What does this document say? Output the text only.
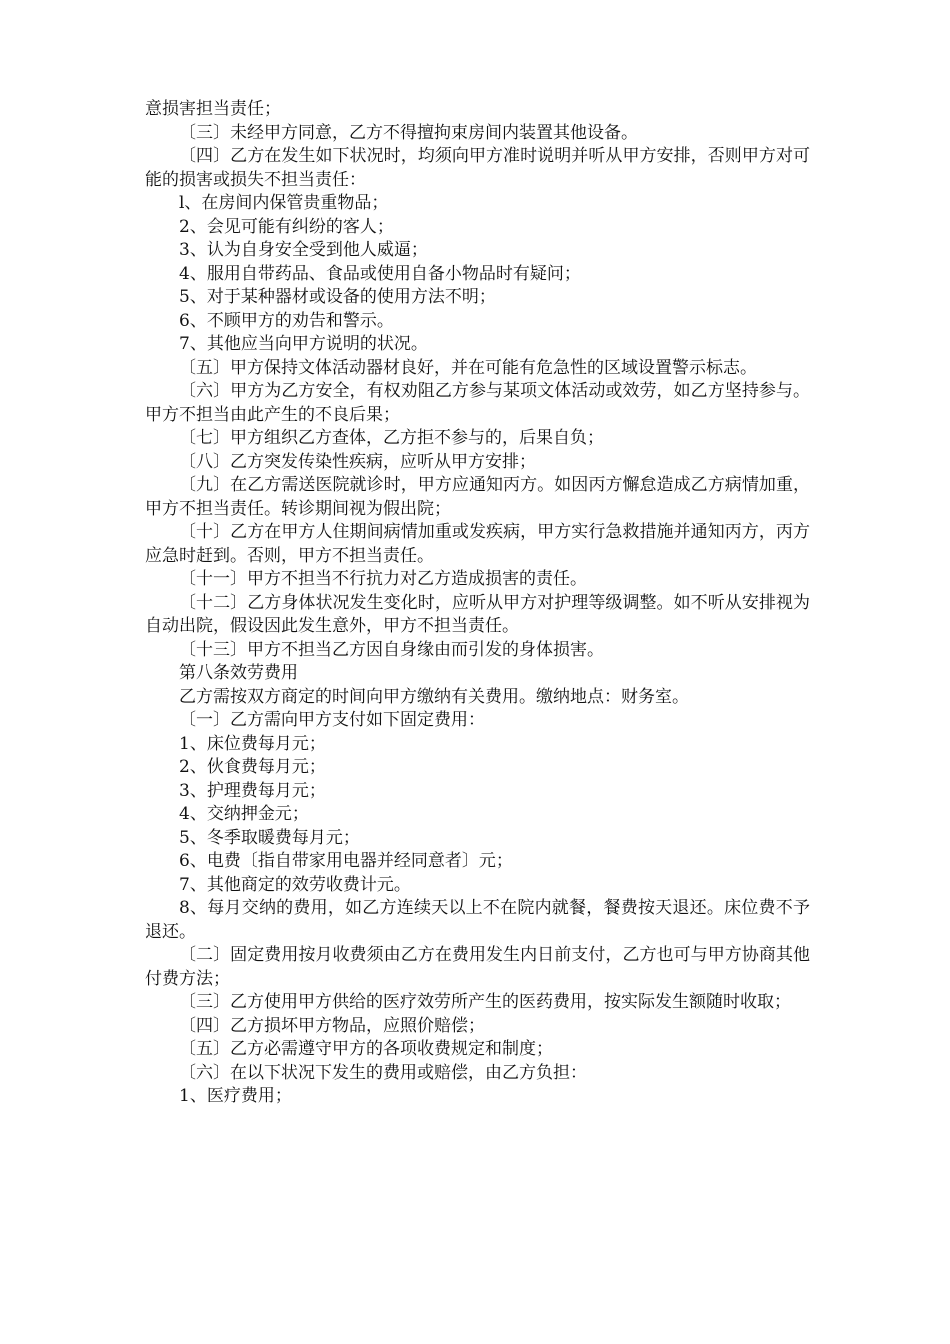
意损害担当责任；

〔三〕未经甲方同意，乙方不得擅拘束房间内装置其他设备。

〔四〕乙方在发生如下状况时，均须向甲方准时说明并听从甲方安排，否则甲方对可能的损害或损失不担当责任：

l、在房间内保管贵重物品；

2、会见可能有纠纷的客人；

3、认为自身安全受到他人威逼；

4、服用自带药品、食品或使用自备小物品时有疑问；

5、对于某种器材或设备的使用方法不明；

6、不顾甲方的劝告和警示。

7、其他应当向甲方说明的状况。

〔五〕甲方保持文体活动器材良好，并在可能有危急性的区域设置警示标志。

〔六〕甲方为乙方安全，有权劝阻乙方参与某项文体活动或效劳，如乙方坚持参与。甲方不担当由此产生的不良后果；

〔七〕甲方组织乙方查体，乙方拒不参与的，后果自负；

〔八〕乙方突发传染性疾病，应听从甲方安排；

〔九〕在乙方需送医院就诊时，甲方应通知丙方。如因丙方懈怠造成乙方病情加重，甲方不担当责任。转诊期间视为假出院；

〔十〕乙方在甲方人住期间病情加重或发疾病，甲方实行急救措施并通知丙方，丙方应急时赶到。否则，甲方不担当责任。

〔十一〕甲方不担当不行抗力对乙方造成损害的责任。

〔十二〕乙方身体状况发生变化时，应听从甲方对护理等级调整。如不听从安排视为自动出院，假设因此发生意外，甲方不担当责任。

〔十三〕甲方不担当乙方因自身缘由而引发的身体损害。

第八条效劳费用

乙方需按双方商定的时间向甲方缴纳有关费用。缴纳地点：财务室。

〔一〕乙方需向甲方支付如下固定费用：

1、床位费每月元；

2、伙食费每月元；

3、护理费每月元；

4、交纳押金元；

5、冬季取暖费每月元；

6、电费〔指自带家用电器并经同意者〕元；

7、其他商定的效劳收费计元。

8、每月交纳的费用，如乙方连续天以上不在院内就餐，餐费按天退还。床位费不予退还。

〔二〕固定费用按月收费须由乙方在费用发生内日前支付，乙方也可与甲方协商其他付费方法；

〔三〕乙方使用甲方供给的医疗效劳所产生的医药费用，按实际发生额随时收取；

〔四〕乙方损坏甲方物品，应照价赔偿；

〔五〕乙方必需遵守甲方的各项收费规定和制度；

〔六〕在以下状况下发生的费用或赔偿，由乙方负担：

1、医疗费用；
